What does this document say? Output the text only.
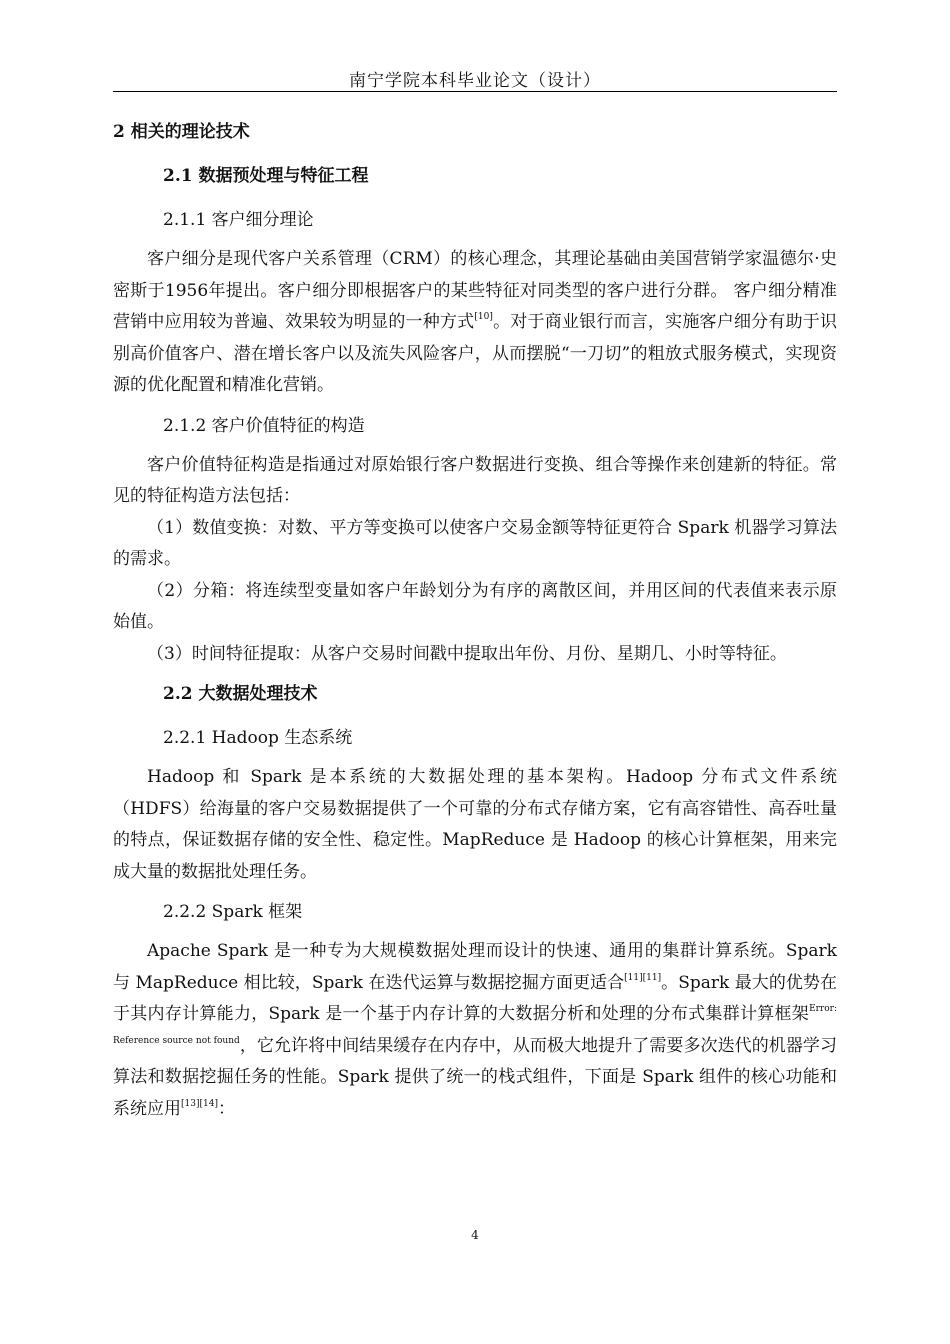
南宁学院本科毕业论文（设计）
2 相关的理论技术
2.1 数据预处理与特征工程
2.1.1 客户细分理论

客户细分是现代客户关系管理（CRM）的核心理念，其理论基础由美国营销学家温德尔·史密斯于1956年提出。客户细分即根据客户的某些特征对同类型的客户进行分群。 客户细分精准营销中应用较为普遍、效果较为明显的一种方式[10]。对于商业银行而言，实施客户细分有助于识别高价值客户、潜在增长客户以及流失风险客户，从而摆脱“一刀切”的粗放式服务模式，实现资源的优化配置和精准化营销。

2.1.2 客户价值特征的构造

客户价值特征构造是指通过对原始银行客户数据进行变换、组合等操作来创建新的特征。常见的特征构造方法包括：

（1）数值变换：对数、平方等变换可以使客户交易金额等特征更符合 Spark 机器学习算法的需求。

（2）分箱：将连续型变量如客户年龄划分为有序的离散区间，并用区间的代表值来表示原始值。

（3）时间特征提取：从客户交易时间戳中提取出年份、月份、星期几、小时等特征。

2.2 大数据处理技术
2.2.1 Hadoop 生态系统

Hadoop 和 Spark 是本系统的大数据处理的基本架构。Hadoop 分布式文件系统（HDFS）给海量的客户交易数据提供了一个可靠的分布式存储方案，它有高容错性、高吞吐量的特点，保证数据存储的安全性、稳定性。MapReduce 是 Hadoop 的核心计算框架，用来完成大量的数据批处理任务。

2.2.2 Spark 框架

Apache Spark 是一种专为大规模数据处理而设计的快速、通用的集群计算系统。Spark 与 MapReduce 相比较，Spark 在迭代运算与数据挖掘方面更适合[11][11]。Spark 最大的优势在于其内存计算能力，Spark 是一个基于内存计算的大数据分析和处理的分布式集群计算框架$^{Error: Reference source not found}$，它允许将中间结果缓存在内存中，从而极大地提升了需要多次迭代的机器学习算法和数据挖掘任务的性能。Spark 提供了统一的栈式组件，下面是 Spark 组件的核心功能和系统应用[13][14]：

4
